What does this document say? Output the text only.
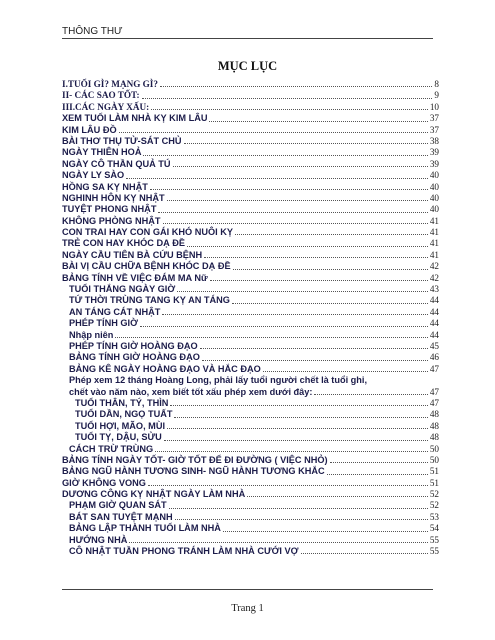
THÔNG THƯ
MỤC LỤC
I.TUỔI GÌ? MẠNG GÌ?	8
II- CÁC SAO TỐT:	9
III.CÁC NGÀY XẤU:	10
XEM TUỔI LÀM NHÀ KỴ KIM LÂU	37
KIM LÂU ĐỒ	37
BÀI THƠ THỤ TỬ-SÁT CHỦ	38
NGÀY THIÊN HOẢ	39
NGÀY CÔ THẦN QUẢ TÚ	39
NGÀY LY SÀO	40
HỒNG SA KỴ NHẬT	40
NGHINH HÔN KỴ NHẬT	40
TUYỆT PHONG NHẬT	40
KHÔNG PHÒNG NHẬT	41
CON TRAI HAY CON GÁI KHÓ NUÔI KỴ	41
TRẺ CON HAY KHÓC DẠ ĐỀ	41
NGÀY CẦU TIÊN BÀ CỨU BỆNH	41
BÀI VỊ CẦU CHỮA BỆNH KHÓC DẠ ĐỀ	42
BẢNG TÍNH VỀ VIỆC ĐÁM MA Nữ	42
TUỔI THẮNG NGÀY GIỜ	43
TỨ THỜI TRÙNG TANG KỴ AN TÁNG	44
AN TÁNG CÁT NHẬT	44
PHÉP TÍNH GIỜ	44
Nhập niên	44
PHÉP TÍNH GIỜ HOÀNG ĐẠO	45
BẢNG TÍNH GIỜ HOÀNG ĐẠO	46
BẢNG KÊ NGÀY HOÀNG ĐẠO VÀ HẮC ĐẠO	47
Phép xem 12 tháng Hoàng Long, phải lấy tuổi người chết là tuổi ghi,
chết vào năm nào, xem biết tốt xấu phép xem dưới đây:	47
TUỔI THÂN, TÝ, THÌN	47
TUỔI DẦN, NGỌ TUẤT	48
TUỔI HỢI, MÃO, MÙI	48
TUỔI TỴ, DẬU, SỬU	48
CÁCH TRỪ TRÙNG	50
BẢNG TÍNH NGÀY TỐT- GIỜ TỐT ĐỂ ĐI ĐƯỜNG ( VIỆC NHỎ)	50
BẢNG NGŨ HÀNH TƯƠNG SINH- NGŨ HÀNH TƯƠNG KHẮC	51
GIỜ KHÔNG VONG	51
DƯƠNG CÔNG KỴ NHẬT NGÀY LÀM NHÀ	52
PHẠM GIỜ QUAN SÁT	52
BÁT SAN TUYỆT MẠNH	53
BẢNG LẬP THÀNH TUỔI LÀM NHÀ	54
HƯỚNG NHÀ	55
CÔ NHẬT TUẦN PHONG TRÁNH LÀM NHÀ CƯỚI VỢ	55
Trang 1
